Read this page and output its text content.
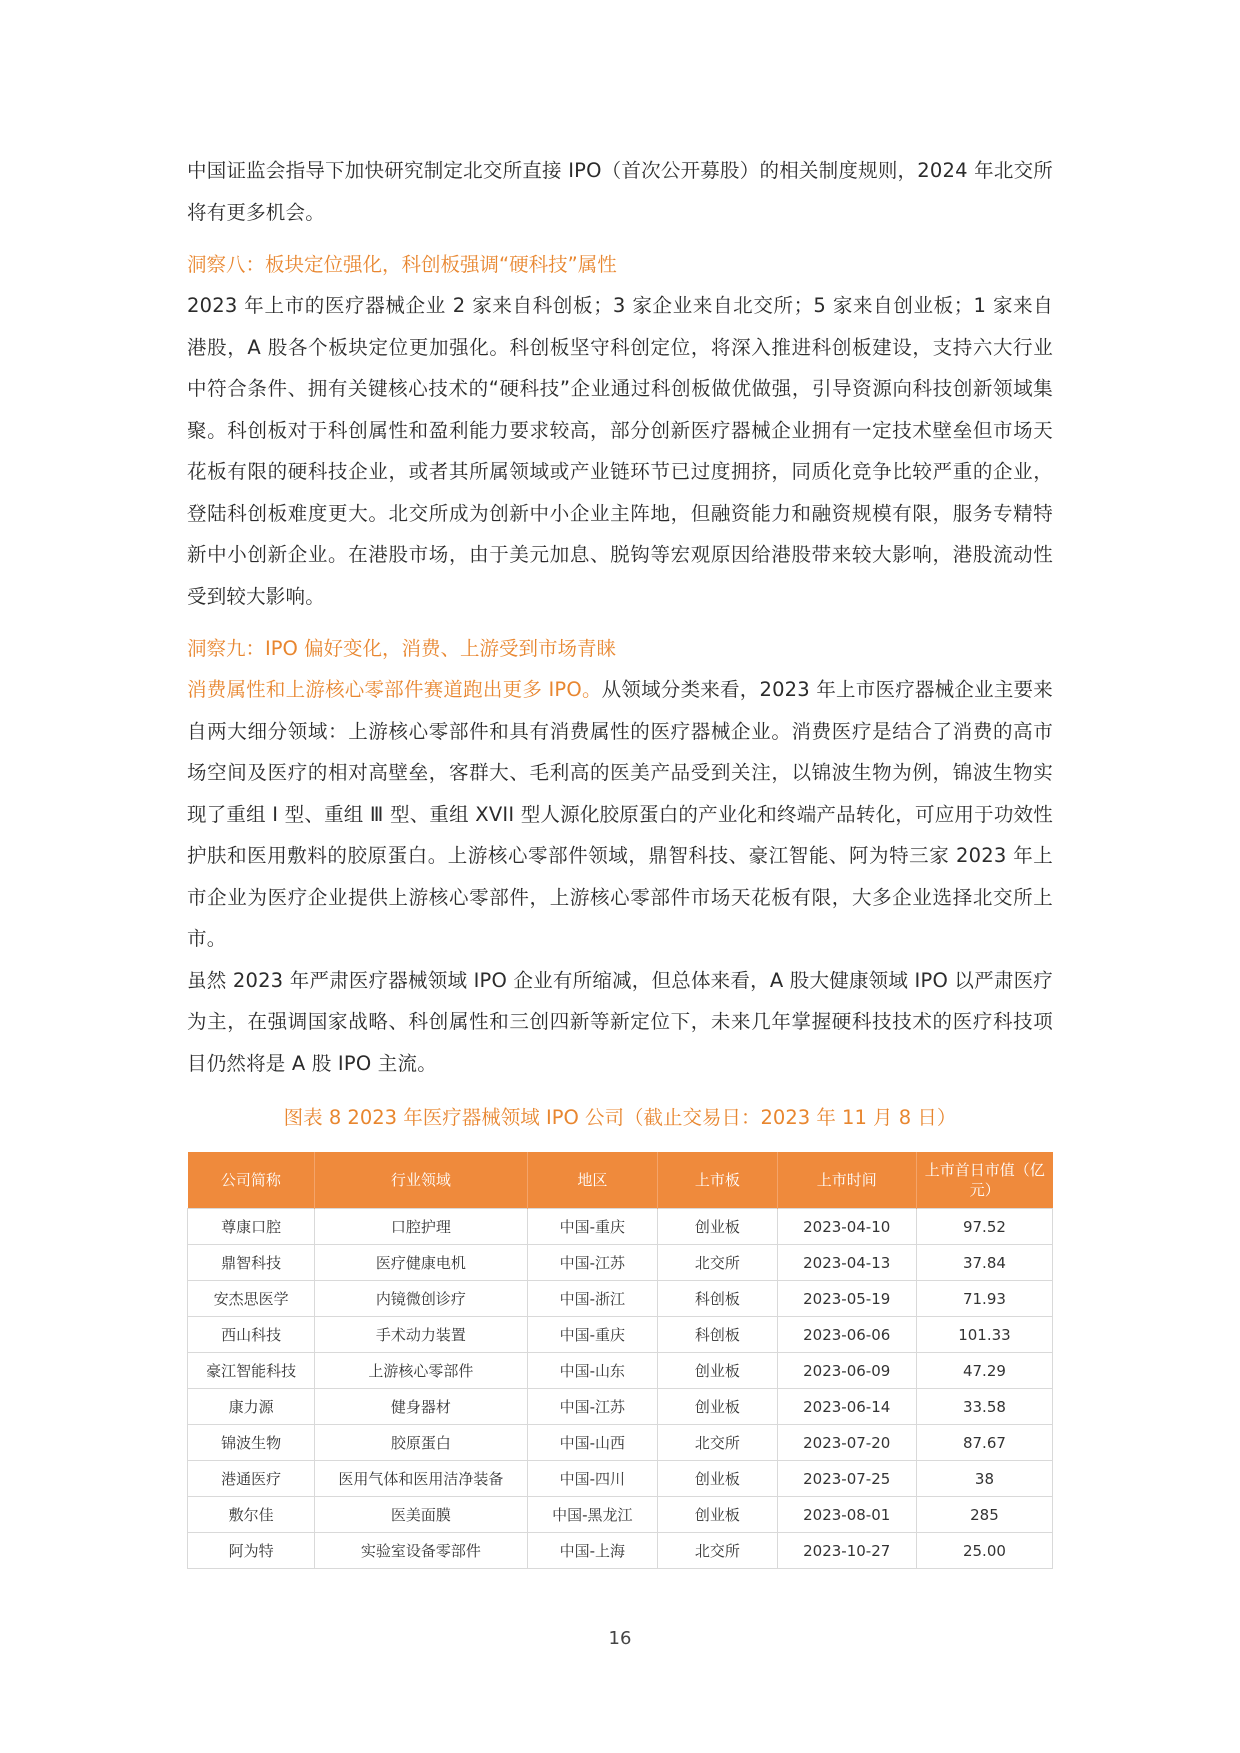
中国证监会指导下加快研究制定北交所直接 IPO（首次公开募股）的相关制度规则，2024 年北交所将有更多机会。

洞察八：板块定位强化，科创板强调“硬科技”属性

2023 年上市的医疗器械企业 2 家来自科创板；3 家企业来自北交所；5 家来自创业板；1 家来自港股，A 股各个板块定位更加强化。科创板坚守科创定位，将深入推进科创板建设，支持六大行业中符合条件、拥有关键核心技术的“硬科技”企业通过科创板做优做强，引导资源向科技创新领域集聚。科创板对于科创属性和盈利能力要求较高，部分创新医疗器械企业拥有一定技术壁垒但市场天花板有限的硬科技企业，或者其所属领域或产业链环节已过度拥挤，同质化竞争比较严重的企业，登陆科创板难度更大。北交所成为创新中小企业主阵地，但融资能力和融资规模有限，服务专精特新中小创新企业。在港股市场，由于美元加息、脱钩等宏观原因给港股带来较大影响，港股流动性受到较大影响。

洞察九：IPO 偏好变化，消费、上游受到市场青睐

消费属性和上游核心零部件赛道跑出更多 IPO。从领域分类来看，2023 年上市医疗器械企业主要来自两大细分领域：上游核心零部件和具有消费属性的医疗器械企业。消费医疗是结合了消费的高市场空间及医疗的相对高壁垒，客群大、毛利高的医美产品受到关注，以锦波生物为例，锦波生物实现了重组 Ⅰ 型、重组 Ⅲ 型、重组 XVII 型人源化胶原蛋白的产业化和终端产品转化，可应用于功效性护肤和医用敷料的胶原蛋白。上游核心零部件领域，鼎智科技、豪江智能、阿为特三家 2023 年上市企业为医疗企业提供上游核心零部件，上游核心零部件市场天花板有限，大多企业选择北交所上市。

虽然 2023 年严肃医疗器械领域 IPO 企业有所缩减，但总体来看，A 股大健康领域 IPO 以严肃医疗为主，在强调国家战略、科创属性和三创四新等新定位下，未来几年掌握硬科技技术的医疗科技项目仍然将是 A 股 IPO 主流。

图表 8 2023 年医疗器械领域 IPO 公司（截止交易日：2023 年 11 月 8 日）
公司简称	行业领域	地区	上市板	上市时间	上市首日市值（亿元）
尊康口腔	口腔护理	中国-重庆	创业板	2023-04-10	97.52
鼎智科技	医疗健康电机	中国-江苏	北交所	2023-04-13	37.84
安杰思医学	内镜微创诊疗	中国-浙江	科创板	2023-05-19	71.93
西山科技	手术动力装置	中国-重庆	科创板	2023-06-06	101.33
豪江智能科技	上游核心零部件	中国-山东	创业板	2023-06-09	47.29
康力源	健身器材	中国-江苏	创业板	2023-06-14	33.58
锦波生物	胶原蛋白	中国-山西	北交所	2023-07-20	87.67
港通医疗	医用气体和医用洁净装备	中国-四川	创业板	2023-07-25	38
敷尔佳	医美面膜	中国-黑龙江	创业板	2023-08-01	285
阿为特	实验室设备零部件	中国-上海	北交所	2023-10-27	25.00
16
